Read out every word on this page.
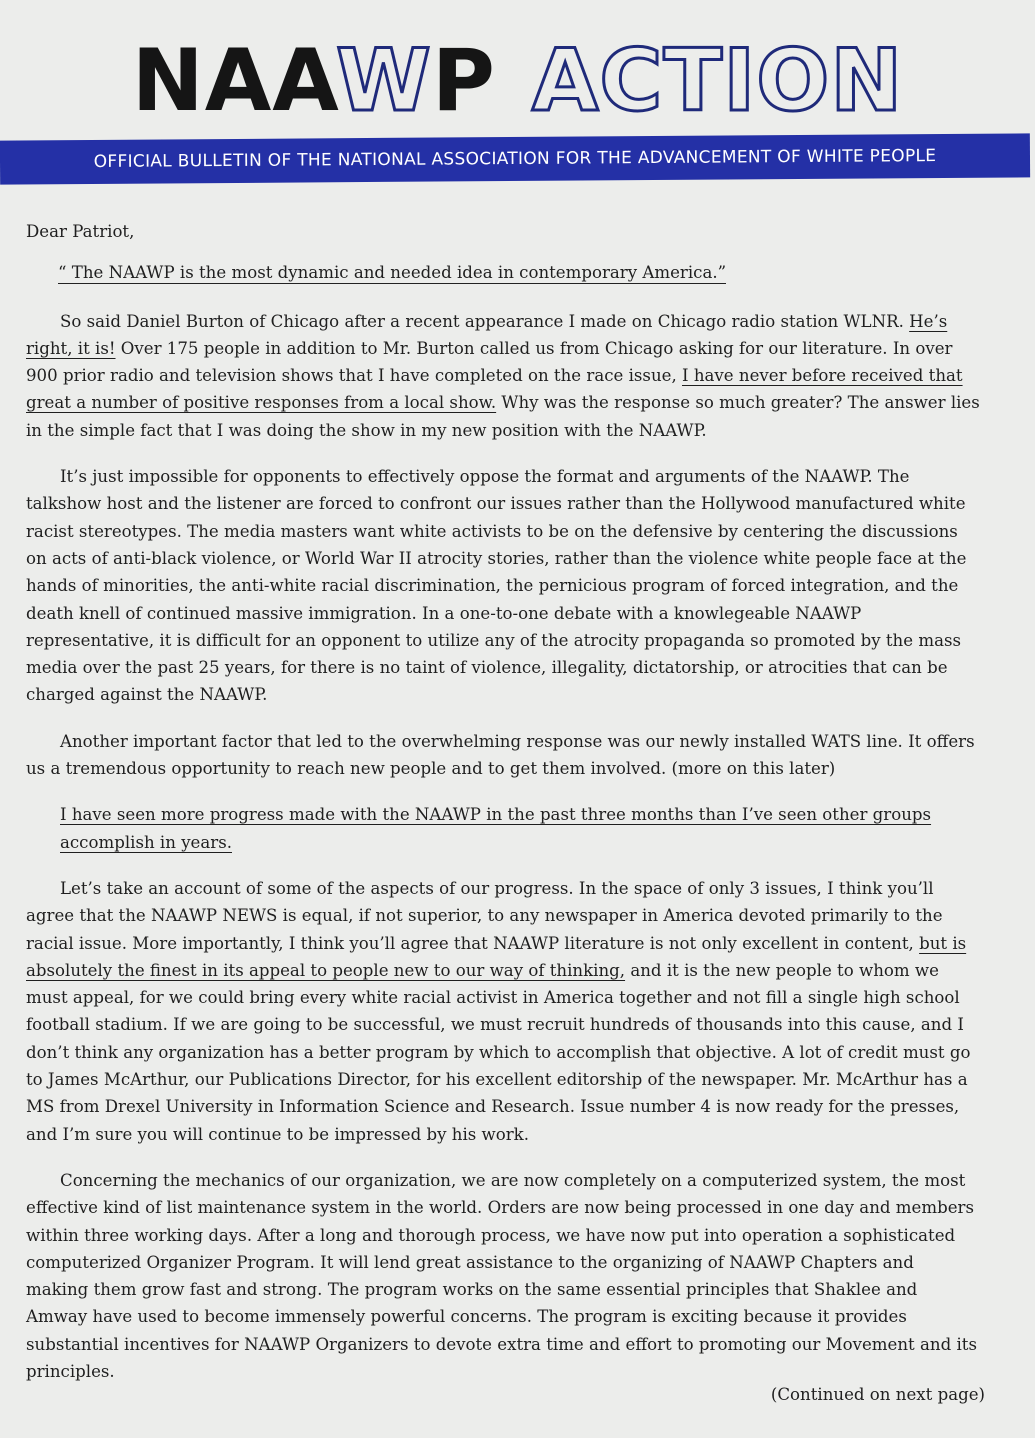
NAAWP ACTION
OFFICIAL BULLETIN OF THE NATIONAL ASSOCIATION FOR THE ADVANCEMENT OF WHITE PEOPLE

Dear Patriot,

“ The NAAWP is the most dynamic and needed idea in contemporary America.”

So said Daniel Burton of Chicago after a recent appearance I made on Chicago radio station WLNR. He’s right, it is! Over 175 people in addition to Mr. Burton called us from Chicago asking for our literature. In over 900 prior radio and television shows that I have completed on the race issue, I have never before received that great a number of positive responses from a local show. Why was the response so much greater? The answer lies in the simple fact that I was doing the show in my new position with the NAAWP.

It’s just impossible for opponents to effectively oppose the format and arguments of the NAAWP. The talkshow host and the listener are forced to confront our issues rather than the Hollywood manufactured white racist stereotypes. The media masters want white activists to be on the defensive by centering the discussions on acts of anti-black violence, or World War II atrocity stories, rather than the violence white people face at the hands of minorities, the anti-white racial discrimination, the pernicious program of forced integration, and the death knell of continued massive immigration. In a one-to-one debate with a knowlegeable NAAWP representative, it is difficult for an opponent to utilize any of the atrocity propaganda so promoted by the mass media over the past 25 years, for there is no taint of violence, illegality, dictatorship, or atrocities that can be charged against the NAAWP.

Another important factor that led to the overwhelming response was our newly installed WATS line. It offers us a tremendous opportunity to reach new people and to get them involved. (more on this later)

I have seen more progress made with the NAAWP in the past three months than I’ve seen other groups accomplish in years.

Let’s take an account of some of the aspects of our progress. In the space of only 3 issues, I think you’ll agree that the NAAWP NEWS is equal, if not superior, to any newspaper in America devoted primarily to the racial issue. More importantly, I think you’ll agree that NAAWP literature is not only excellent in content, but is absolutely the finest in its appeal to people new to our way of thinking, and it is the new people to whom we must appeal, for we could bring every white racial activist in America together and not fill a single high school football stadium. If we are going to be successful, we must recruit hundreds of thousands into this cause, and I don’t think any organization has a better program by which to accomplish that objective. A lot of credit must go to James McArthur, our Publications Director, for his excellent editorship of the newspaper. Mr. McArthur has a MS from Drexel University in Information Science and Research. Issue number 4 is now ready for the presses, and I’m sure you will continue to be impressed by his work.

Concerning the mechanics of our organization, we are now completely on a computerized system, the most effective kind of list maintenance system in the world. Orders are now being processed in one day and members within three working days. After a long and thorough process, we have now put into operation a sophisticated computerized Organizer Program. It will lend great assistance to the organizing of NAAWP Chapters and making them grow fast and strong. The program works on the same essential principles that Shaklee and Amway have used to become immensely powerful concerns. The program is exciting because it provides substantial incentives for NAAWP Organizers to devote extra time and effort to promoting our Movement and its principles.

(Continued on next page)
